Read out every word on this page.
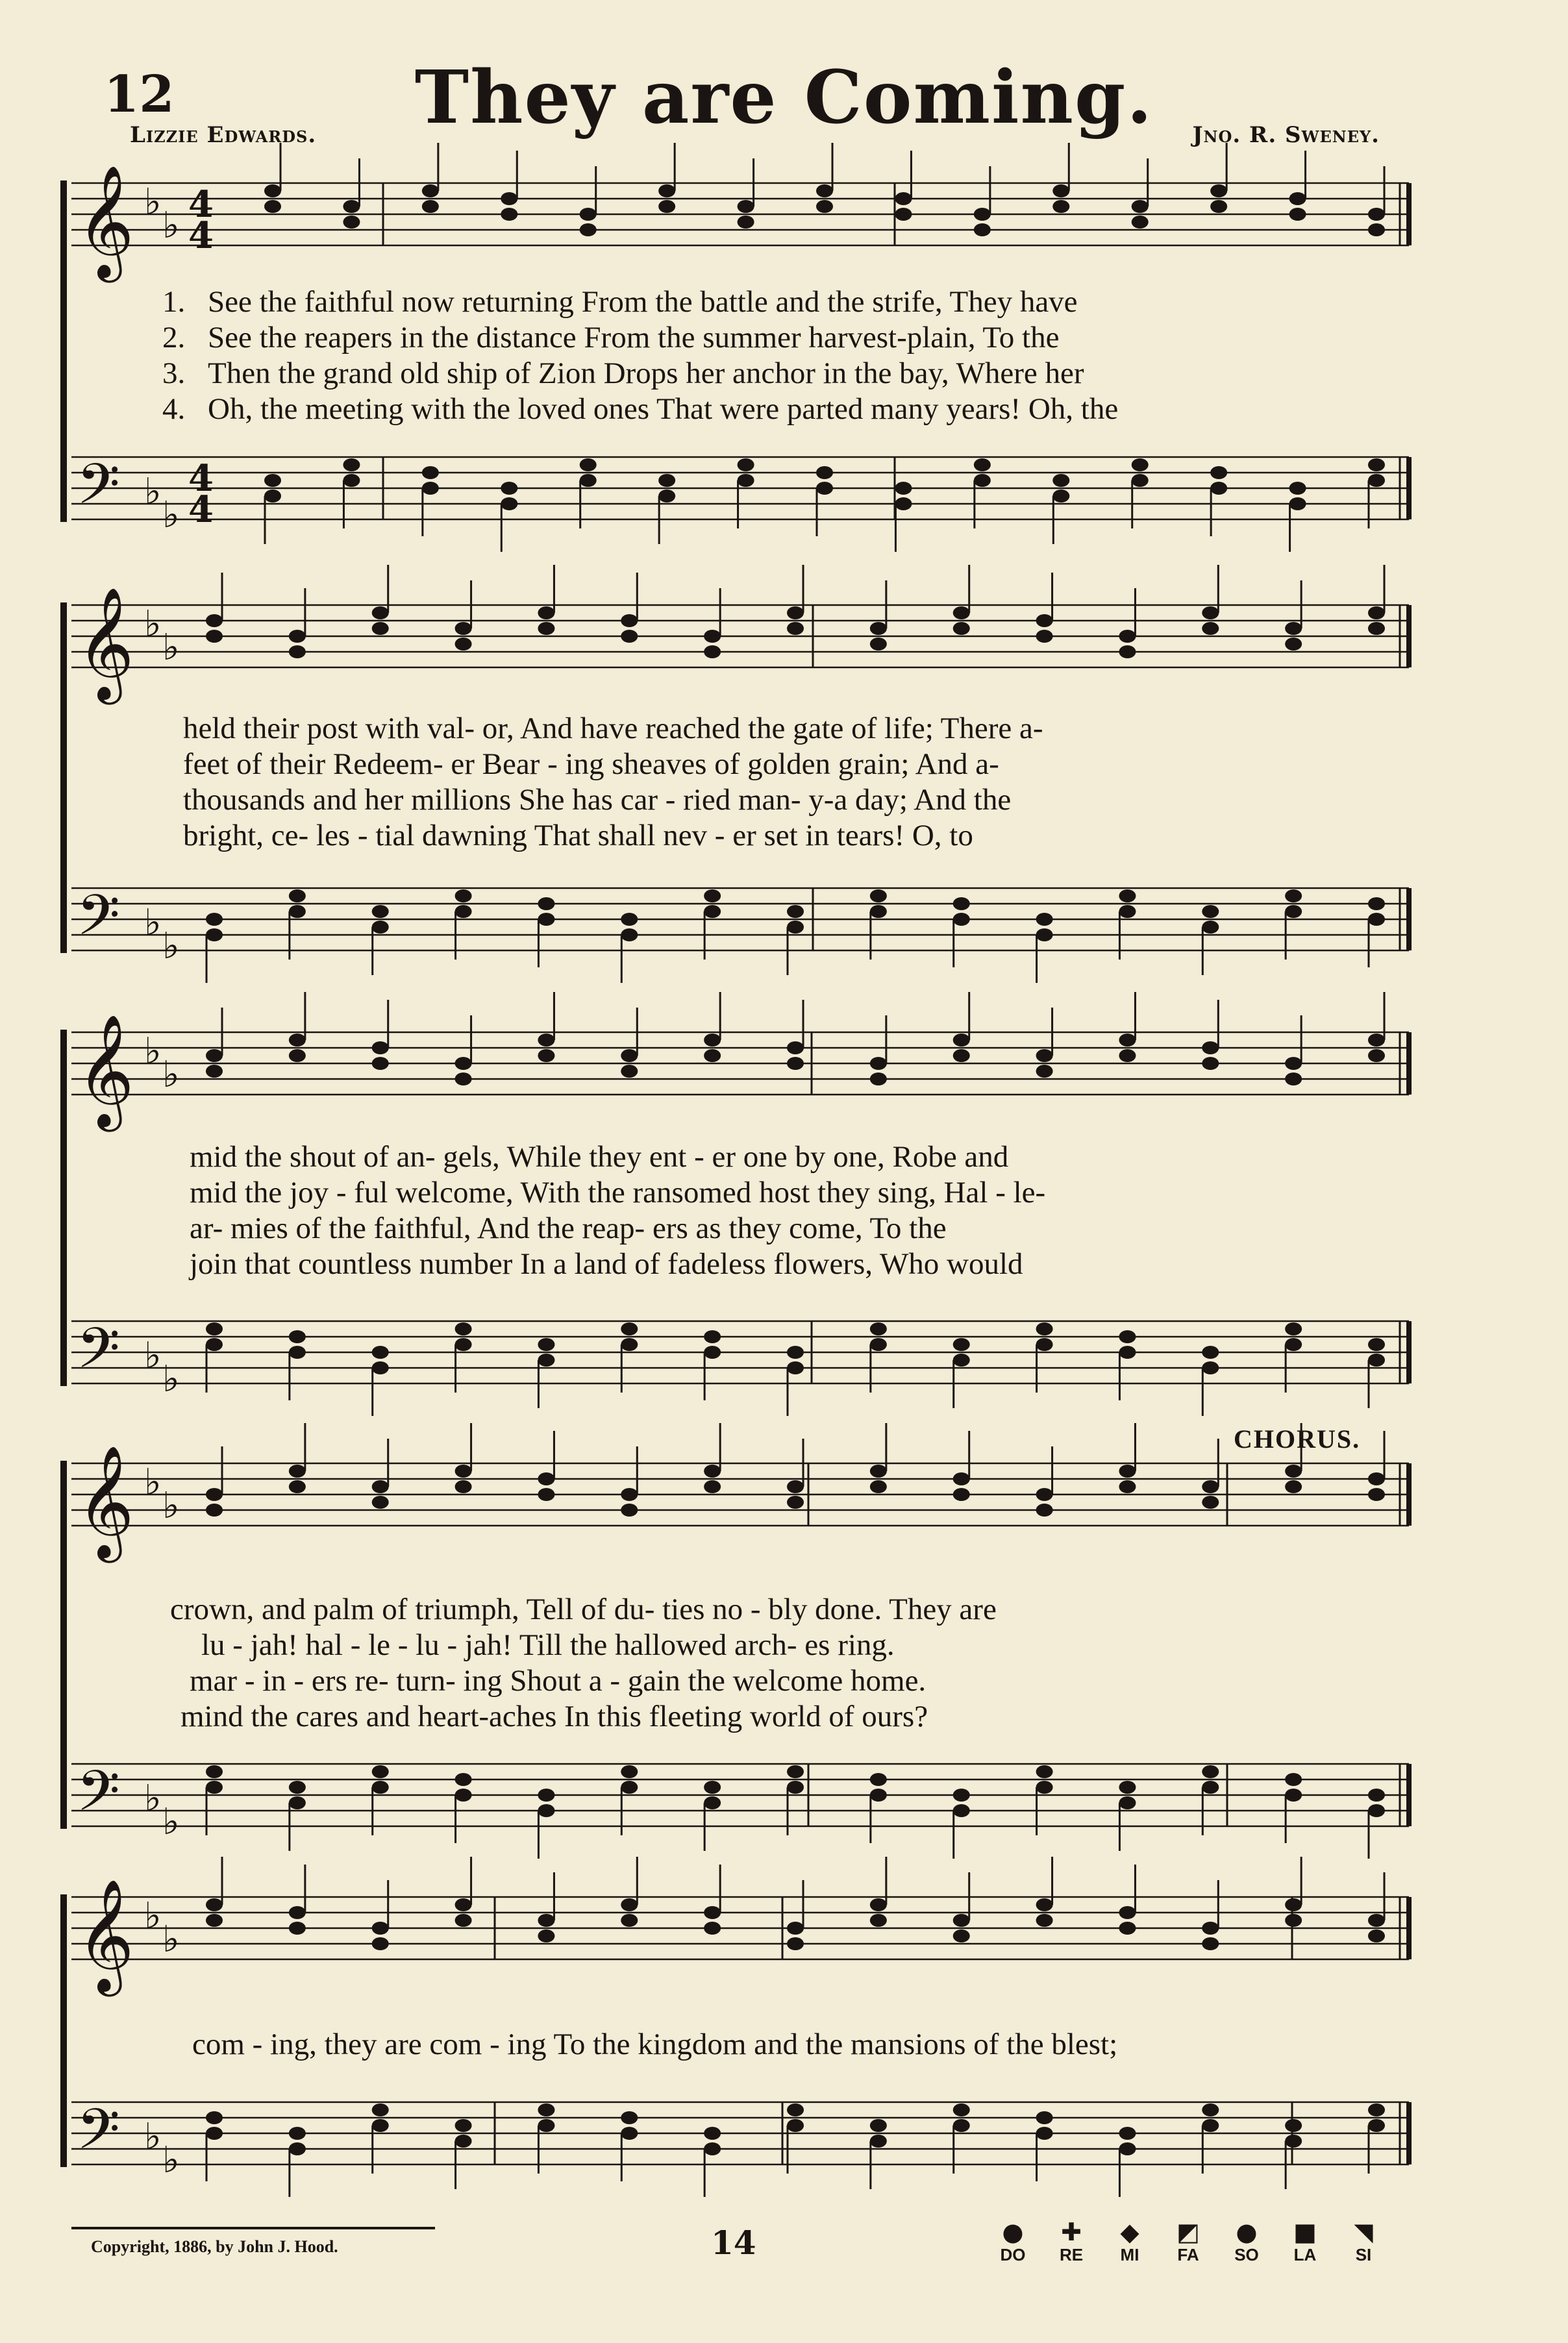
12	They are Coming.
Lizzie Edwards.	Jno. R. Sweney.
𝄞 ♭
♭ 4
4
𝄢 ♭
♭
4
4
𝄞 ♭
♭
𝄢 ♭
♭
𝄞 ♭
♭
𝄢 ♭
♭
𝄞 ♭
♭
𝄢 ♭
♭
𝄞 ♭
♭
𝄢 ♭
♭
1. See the faithful now returning From the battle and the strife, They have
2. See the reapers in the distance From the summer harvest-plain, To the
3. Then the grand old ship of Zion Drops her anchor in the bay, Where her
4. Oh, the meeting with the loved ones That were parted many years! Oh, the
held their post with val- or, And have reached the gate of life; There a-
feet of their Redeem- er Bear - ing sheaves of golden grain; And a-
thousands and her millions She has car - ried man- y-a day; And the
bright, ce- les - tial dawning That shall nev - er set in tears! O, to
mid the shout of an- gels, While they ent - er one by one, Robe and
mid the joy - ful welcome, With the ransomed host they sing, Hal - le-
ar- mies of the faithful, And the reap- ers as they come, To the
join that countless number In a land of fadeless flowers, Who would
CHORUS.
crown, and palm of triumph, Tell of du- ties no - bly done. They are
lu - jah! hal - le - lu - jah! Till the hallowed arch- es ring.
mar - in - ers re- turn- ing Shout a - gain the welcome home.
mind the cares and heart-aches In this fleeting world of ours?
com - ing, they are com - ing To the kingdom and the mansions of the blest;
Copyright, 1886, by John J. Hood.	14	●
DO
✚
RE
◆
MI
◩
FA
●
SO
■
LA
◥
SI
